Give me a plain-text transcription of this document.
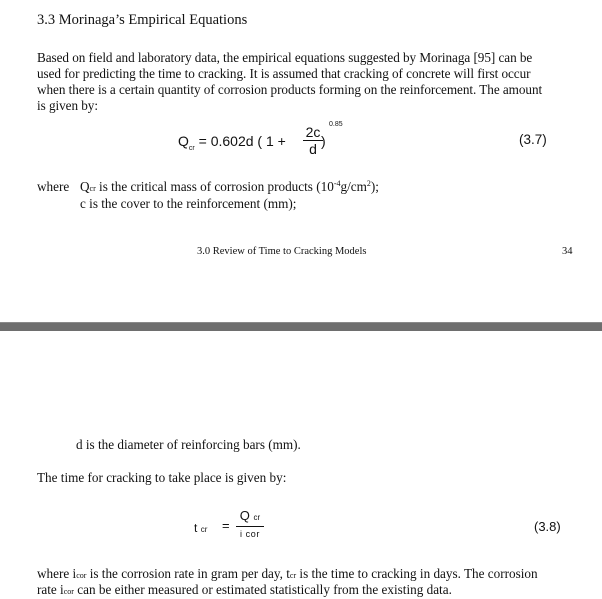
3.3 Morinaga’s Empirical Equations
Based on field and laboratory data, the empirical equations suggested by Morinaga [95] can be
used for predicting the time to cracking. It is assumed that cracking of concrete will first occur
when there is a certain quantity of corrosion products forming on the reinforcement. The amount
is given by:
$Q_{cr} = 0.602d$ ( 1 +
2c
d )
0.85
(3.7)
where Qcr is the critical mass of corrosion products $(10^{-4}g/cm^2)$;
c is the cover to the reinforcement (mm);
3.0 Review of Time to Cracking Models	34
d is the diameter of reinforcing bars (mm).
The time for cracking to take place is given by:
t cr =
Q cr
i cor	(3.8)
where icor is the corrosion rate in gram per day, tcr is the time to cracking in days. The corrosion
rate icor can be either measured or estimated statistically from the existing data.
